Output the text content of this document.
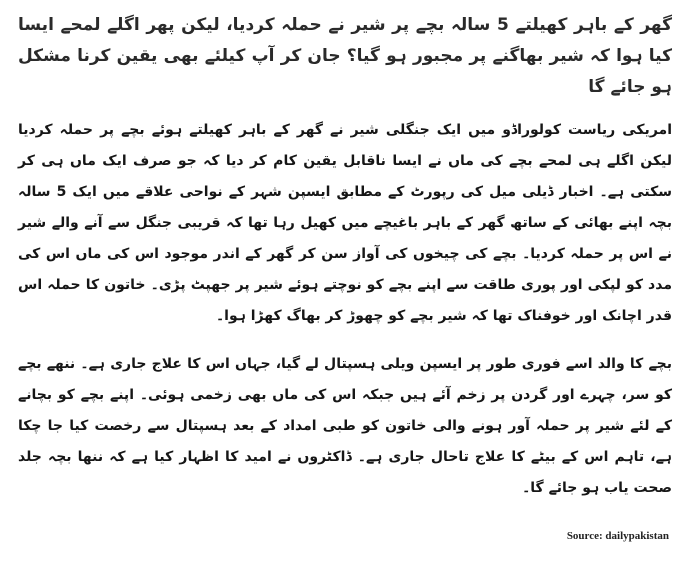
گھر کے باہر کھیلتے 5 سالہ بچے پر شیر نے حملہ کردیا، لیکن پھر اگلے لمحے ایسا کیا ہوا کہ شیر بھاگنے پر مجبور ہو گیا؟ جان کر آپ کیلئے بھی یقین کرنا مشکل ہو جائے گا

امریکی ریاست کولوراڈو میں ایک جنگلی شیر نے گھر کے باہر کھیلتے ہوئے بچے پر حملہ کردیا لیکن اگلے ہی لمحے بچے کی ماں نے ایسا ناقابل یقین کام کر دیا کہ جو صرف ایک ماں ہی کر سکتی ہے۔ اخبار ڈیلی میل کی رپورٹ کے مطابق ایسپن شہر کے نواحی علاقے میں ایک 5 سالہ بچہ اپنے بھائی کے ساتھ گھر کے باہر باغیچے میں کھیل رہا تھا کہ قریبی جنگل سے آنے والے شیر نے اس پر حملہ کردیا۔ بچے کی چیخوں کی آواز سن کر گھر کے اندر موجود اس کی ماں اس کی مدد کو لپکی اور پوری طاقت سے اپنے بچے کو نوچتے ہوئے شیر پر جھپٹ پڑی۔ خاتون کا حملہ اس قدر اچانک اور خوفناک تھا کہ شیر بچے کو چھوڑ کر بھاگ کھڑا ہوا۔

بچے کا والد اسے فوری طور پر ایسپن ویلی ہسپتال لے گیا، جہاں اس کا علاج جاری ہے۔ ننھے بچے کو سر، چہرے اور گردن پر زخم آئے ہیں جبکہ اس کی ماں بھی زخمی ہوئی۔ اپنے بچے کو بچانے کے لئے شیر پر حملہ آور ہونے والی خاتون کو طبی امداد کے بعد ہسپتال سے رخصت کیا جا چکا ہے، تاہم اس کے بیٹے کا علاج تاحال جاری ہے۔ ڈاکٹروں نے امید کا اظہار کیا ہے کہ ننھا بچہ جلد صحت یاب ہو جائے گا۔

Source: dailypakistan
